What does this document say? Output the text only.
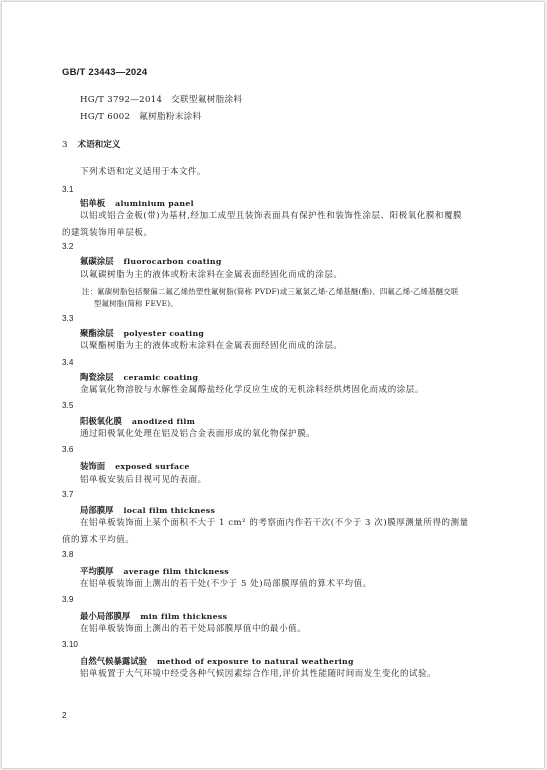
GB/T 23443—2024
HG/T 3792—2014　交联型氟树脂涂料
HG/T 6002　氟树脂粉末涂料
3 术语和定义
下列术语和定义适用于本文件。
3.1
铝单板 aluminium panel
以铝或铝合金板(带)为基材,经加工成型且装饰表面具有保护性和装饰性涂层、阳极氧化膜和覆膜
的建筑装饰用单层板。
3.2
氟碳涂层 fluorocarbon coating
以氟碳树脂为主的液体或粉末涂料在金属表面经固化而成的涂层。
注：氟碳树脂包括聚偏二氟乙烯热塑性氟树脂(简称 PVDF)或三氟氯乙烯-乙烯基醚(酯)、四氟乙烯-乙烯基醚交联
型氟树脂(简称 FEVE)。
3.3
聚酯涂层 polyester coating
以聚酯树脂为主的液体或粉末涂料在金属表面经固化而成的涂层。
3.4
陶瓷涂层 ceramic coating
金属氧化物溶胶与水解性金属醇盐经化学反应生成的无机涂料经烘烤固化而成的涂层。
3.5
阳极氧化膜 anodized film
通过阳极氧化处理在铝及铝合金表面形成的氧化物保护膜。
3.6
装饰面 exposed surface
铝单板安装后目视可见的表面。
3.7
局部膜厚 local film thickness
在铝单板装饰面上某个面积不大于 1 cm² 的考察面内作若干次(不少于 3 次)膜厚测量所得的测量
值的算术平均值。
3.8
平均膜厚 average film thickness
在铝单板装饰面上测出的若干处(不少于 5 处)局部膜厚值的算术平均值。
3.9
最小局部膜厚 min film thickness
在铝单板装饰面上测出的若干处局部膜厚值中的最小值。
3.10
自然气候暴露试验 method of exposure to natural weathering
铝单板置于大气环境中经受各种气候因素综合作用,评价其性能随时间而发生变化的试验。
2
